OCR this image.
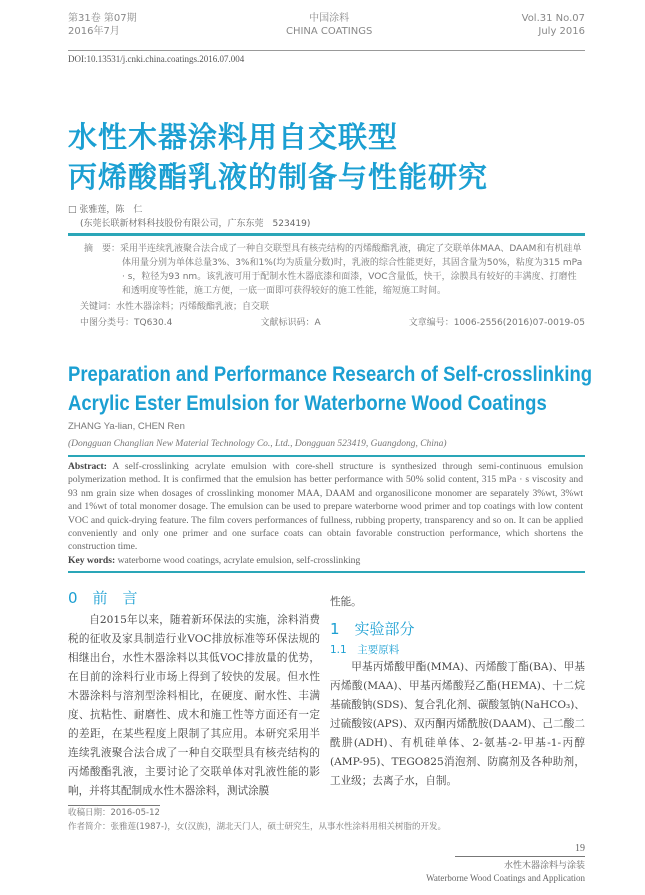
第31卷 第07期
2016年7月
中国涂料
CHINA COATINGS
Vol.31 No.07
July 2016
DOI:10.13531/j.cnki.china.coatings.2016.07.004
水性木器涂料用自交联型
丙烯酸酯乳液的制备与性能研究
□ 张雅莲，陈　仁
(东莞长联新材料科技股份有限公司，广东东莞　523419)
摘　要：采用半连续乳液聚合法合成了一种自交联型具有核壳结构的丙烯酸酯乳液，确定了交联单体MAA、DAAM和有机硅单体用量分别为单体总量3%、3%和1%(均为质量分数)时，乳液的综合性能更好，其固含量为50%，粘度为315 mPa · s，粒径为93 nm。该乳液可用于配制水性木器底漆和面漆，VOC含量低，快干，涂膜具有较好的丰满度、打磨性和透明度等性能，施工方便，一底一面即可获得较好的施工性能，缩短施工时间。
关键词：水性木器涂料；丙烯酸酯乳液；自交联
中图分类号：TQ630.4	文献标识码：A	文章编号：1006-2556(2016)07-0019-05
Preparation and Performance Research of Self-crosslinking
Acrylic Ester Emulsion for Waterborne Wood Coatings
ZHANG Ya-lian, CHEN Ren
(Dongguan Changlian New Material Technology Co., Ltd., Dongguan 523419, Guangdong, China)
Abstract: A self-crosslinking acrylate emulsion with core-shell structure is synthesized through semi-continuous emulsion polymerization method. It is confirmed that the emulsion has better performance with 50% solid content, 315 mPa · s viscosity and 93 nm grain size when dosages of crosslinking monomer MAA, DAAM and organosilicone monomer are separately 3%wt, 3%wt and 1%wt of total monomer dosage. The emulsion can be used to prepare waterborne wood primer and top coatings with low content VOC and quick-drying feature. The film covers performances of fullness, rubbing property, transparency and so on. It can be applied conveniently and only one primer and one surface coats can obtain favorable construction performance, which shortens the construction time.
Key words: waterborne wood coatings, acrylate emulsion, self-crosslinking
0　前　言
自2015年以来，随着新环保法的实施，涂料消费税的征收及家具制造行业VOC排放标准等环保法规的相继出台，水性木器涂料以其低VOC排放量的优势，在目前的涂料行业市场上得到了较快的发展。但水性木器涂料与溶剂型涂料相比，在硬度、耐水性、丰满度、抗粘性、耐磨性、成木和施工性等方面还有一定的差距，在某些程度上限制了其应用。本研究采用半连续乳液聚合法合成了一种自交联型具有核壳结构的丙烯酸酯乳液，主要讨论了交联单体对乳液性能的影响，并将其配制成水性木器涂料，测试涂膜
性能。
1　实验部分
1.1　主要原料
甲基丙烯酸甲酯(MMA)、丙烯酸丁酯(BA)、甲基丙烯酸(MAA)、甲基丙烯酸羟乙酯(HEMA)、十二烷基硫酸钠(SDS)、复合乳化剂、碳酸氢钠(NaHCO₃)、过硫酸铵(APS)、双丙酮丙烯酰胺(DAAM)、己二酸二酰肼(ADH)、有机硅单体、2-氨基-2-甲基-1-丙醇(AMP-95)、TEGO825消泡剂、防腐剂及各种助剂，工业级；去离子水，自制。
收稿日期：2016-05-12
作者简介：张雅莲(1987-)，女(汉族)，湖北天门人，硕士研究生，从事水性涂料用相关树脂的开发。
19
水性木器涂料与涂装
Waterborne Wood Coatings and Application
